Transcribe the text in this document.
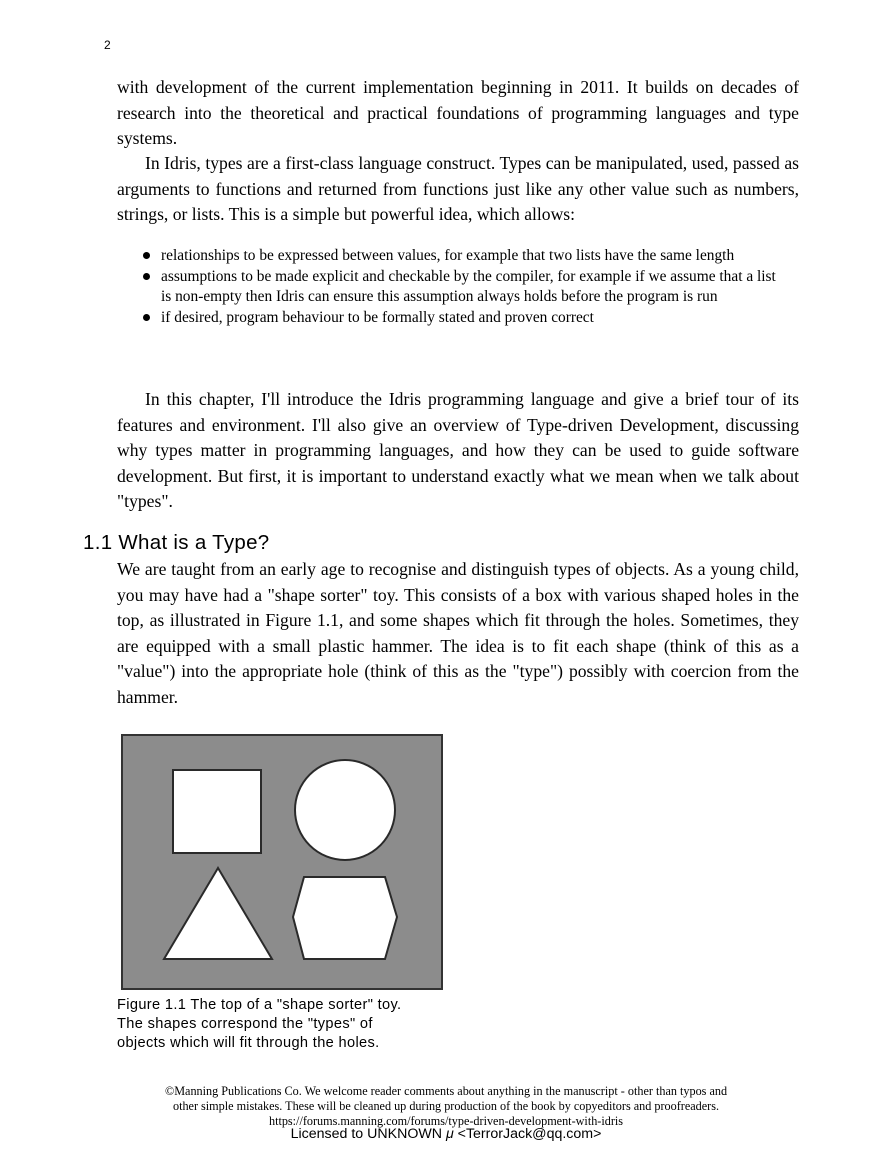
2

with development of the current implementation beginning in 2011. It builds on decades of research into the theoretical and practical foundations of programming languages and type systems.

In Idris, types are a first-class language construct. Types can be manipulated, used, passed as arguments to functions and returned from functions just like any other value such as numbers, strings, or lists. This is a simple but powerful idea, which allows:

relationships to be expressed between values, for example that two lists have the same length
assumptions to be made explicit and checkable by the compiler, for example if we assume that a list is non-empty then Idris can ensure this assumption always holds before the program is run
if desired, program behaviour to be formally stated and proven correct

In this chapter, I'll introduce the Idris programming language and give a brief tour of its features and environment. I'll also give an overview of Type-driven Development, discussing why types matter in programming languages, and how they can be used to guide software development. But first, it is important to understand exactly what we mean when we talk about "types".

1.1 What is a Type?

We are taught from an early age to recognise and distinguish types of objects. As a young child, you may have had a "shape sorter" toy. This consists of a box with various shaped holes in the top, as illustrated in Figure 1.1, and some shapes which fit through the holes. Sometimes, they are equipped with a small plastic hammer. The idea is to fit each shape (think of this as a "value") into the appropriate hole (think of this as the "type") possibly with coercion from the hammer.

Figure 1.1 The top of a "shape sorter" toy.
The shapes correspond the "types" of
objects which will fit through the holes.
©Manning Publications Co. We welcome reader comments about anything in the manuscript - other than typos and
other simple mistakes. These will be cleaned up during production of the book by copyeditors and proofreaders.
https://forums.manning.com/forums/type-driven-development-with-idris
Licensed to UNKNOWN μ <TerrorJack@qq.com>
